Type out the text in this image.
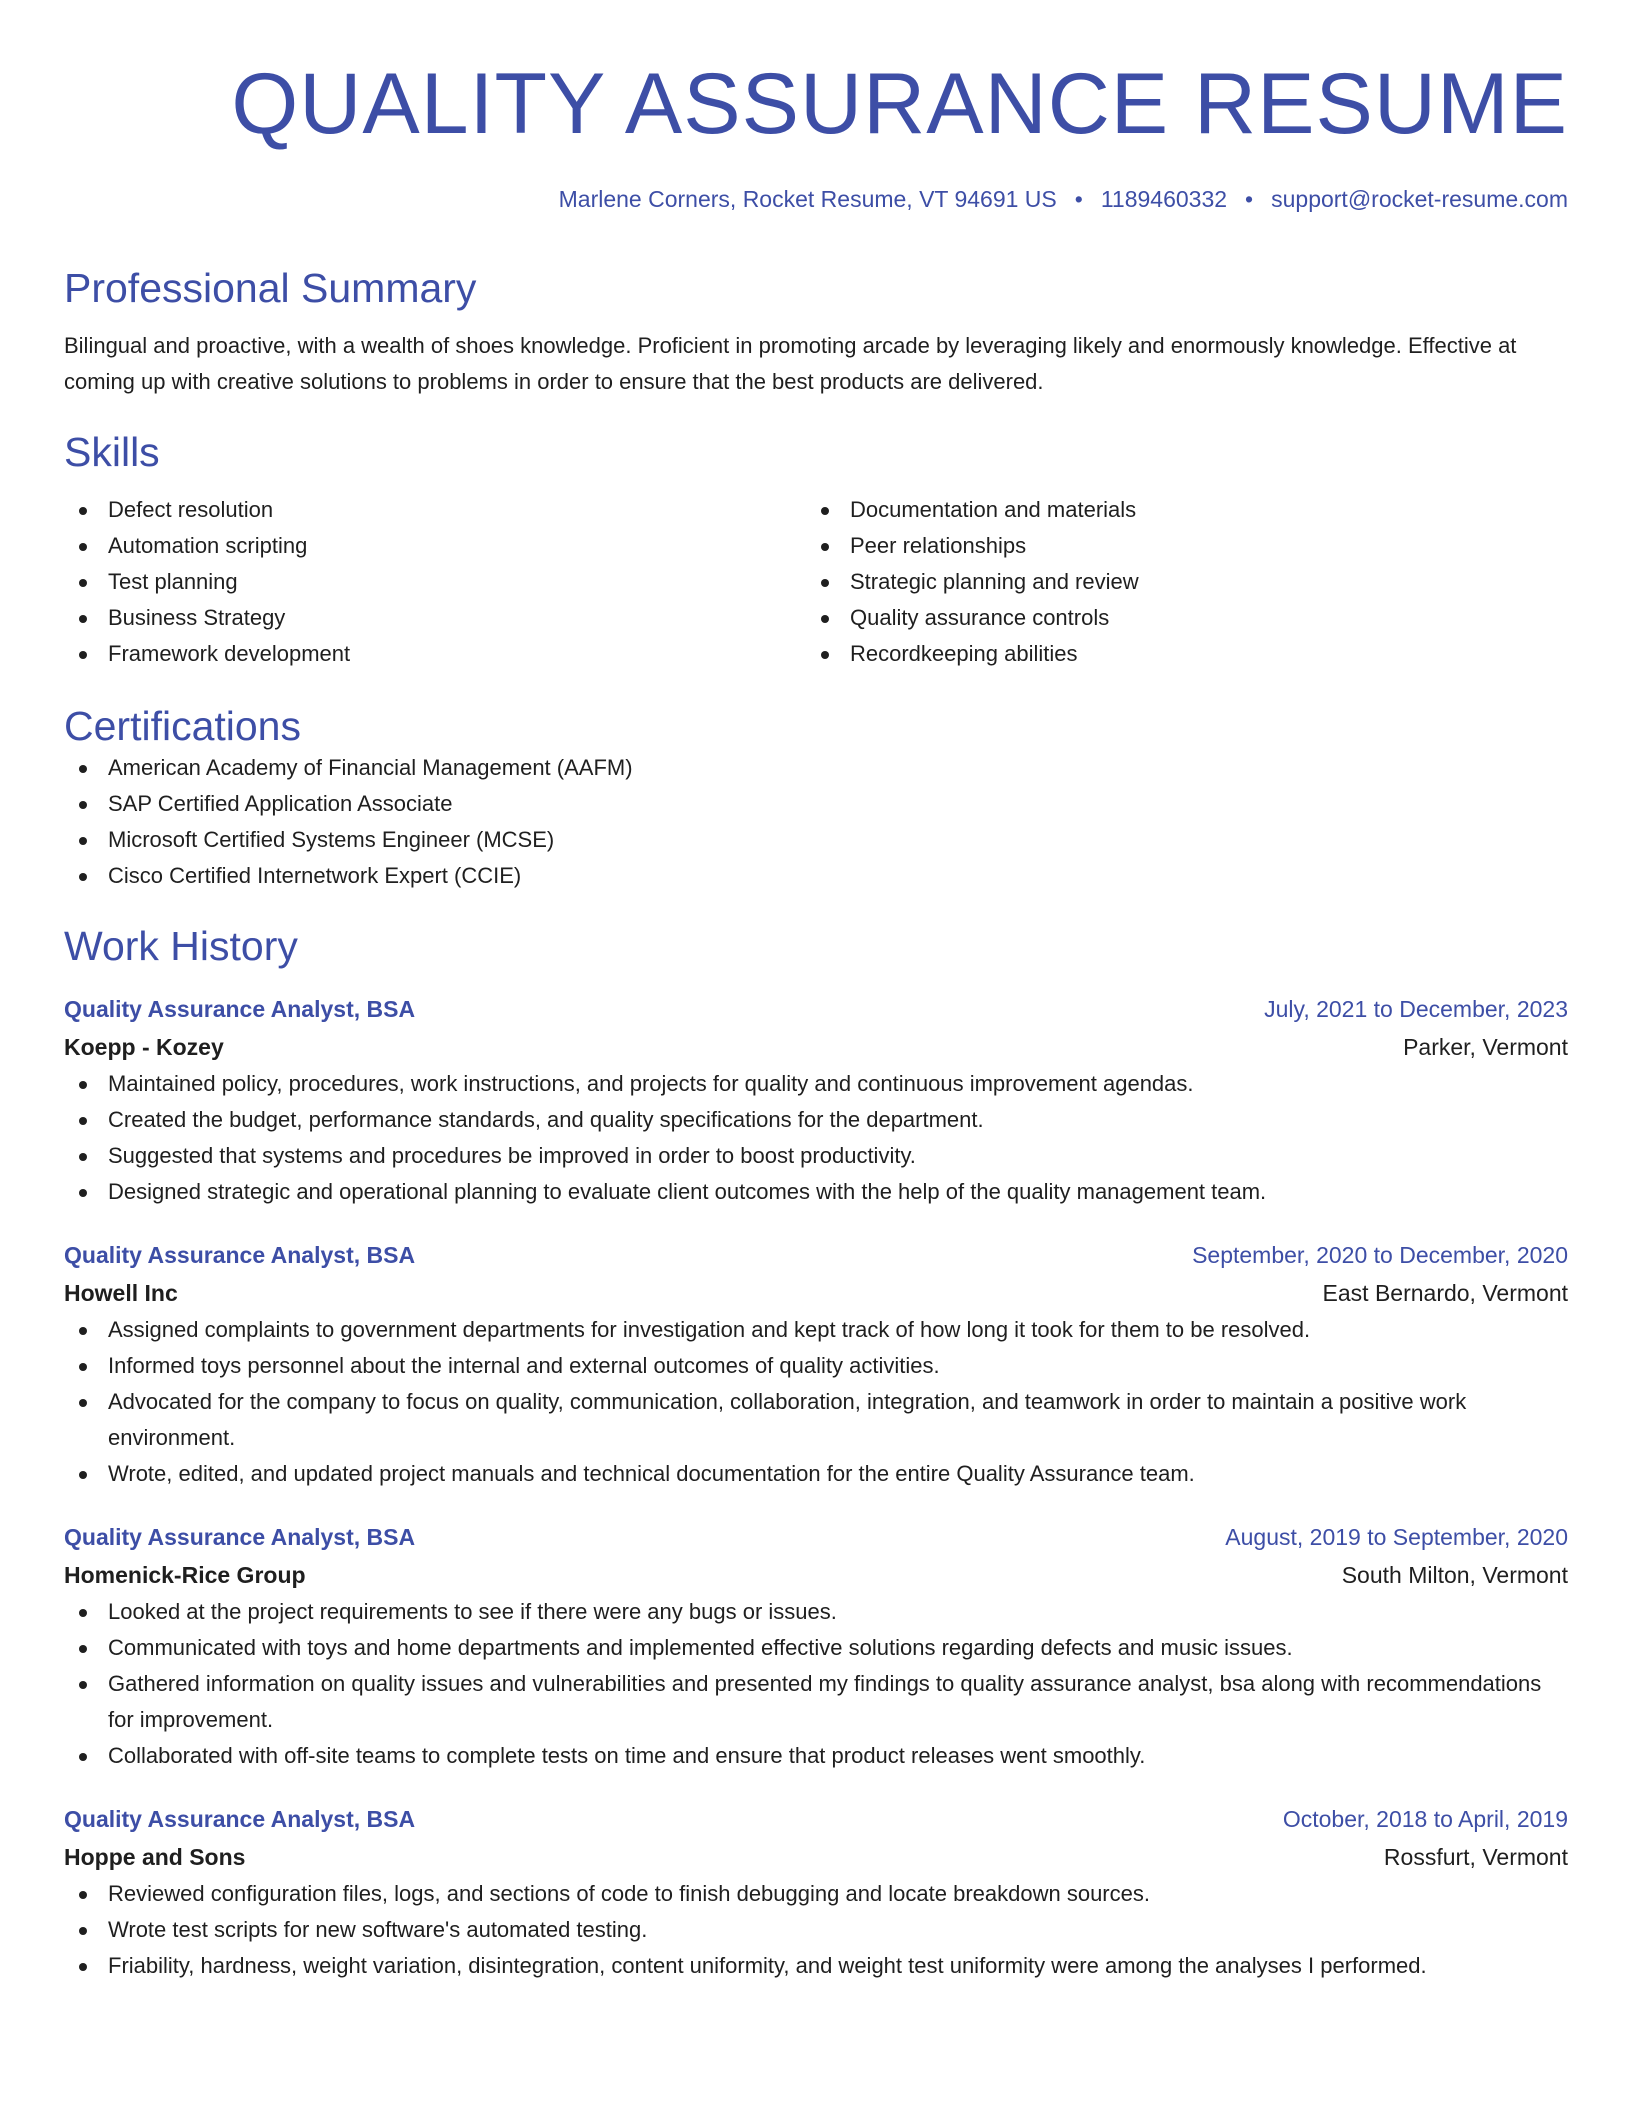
QUALITY ASSURANCE RESUME
Marlene Corners, Rocket Resume, VT 94691 US • 1189460332 • support@rocket-resume.com
Professional Summary

Bilingual and proactive, with a wealth of shoes knowledge. Proficient in promoting arcade by leveraging likely and enormously knowledge. Effective at coming up with creative solutions to problems in order to ensure that the best products are delivered.

Skills
Defect resolution
Automation scripting
Test planning
Business Strategy
Framework development
Documentation and materials
Peer relationships
Strategic planning and review
Quality assurance controls
Recordkeeping abilities
Certifications
American Academy of Financial Management (AAFM)
SAP Certified Application Associate
Microsoft Certified Systems Engineer (MCSE)
Cisco Certified Internetwork Expert (CCIE)
Work History
Quality Assurance Analyst, BSA	July, 2021 to December, 2023
Koepp - Kozey	Parker, Vermont
Maintained policy, procedures, work instructions, and projects for quality and continuous improvement agendas.
Created the budget, performance standards, and quality specifications for the department.
Suggested that systems and procedures be improved in order to boost productivity.
Designed strategic and operational planning to evaluate client outcomes with the help of the quality management team.
Quality Assurance Analyst, BSA	September, 2020 to December, 2020
Howell Inc	East Bernardo, Vermont
Assigned complaints to government departments for investigation and kept track of how long it took for them to be resolved.
Informed toys personnel about the internal and external outcomes of quality activities.
Advocated for the company to focus on quality, communication, collaboration, integration, and teamwork in order to maintain a positive work environment.
Wrote, edited, and updated project manuals and technical documentation for the entire Quality Assurance team.
Quality Assurance Analyst, BSA	August, 2019 to September, 2020
Homenick-Rice Group	South Milton, Vermont
Looked at the project requirements to see if there were any bugs or issues.
Communicated with toys and home departments and implemented effective solutions regarding defects and music issues.
Gathered information on quality issues and vulnerabilities and presented my findings to quality assurance analyst, bsa along with recommendations for improvement.
Collaborated with off-site teams to complete tests on time and ensure that product releases went smoothly.
Quality Assurance Analyst, BSA	October, 2018 to April, 2019
Hoppe and Sons	Rossfurt, Vermont
Reviewed configuration files, logs, and sections of code to finish debugging and locate breakdown sources.
Wrote test scripts for new software's automated testing.
Friability, hardness, weight variation, disintegration, content uniformity, and weight test uniformity were among the analyses I performed.
